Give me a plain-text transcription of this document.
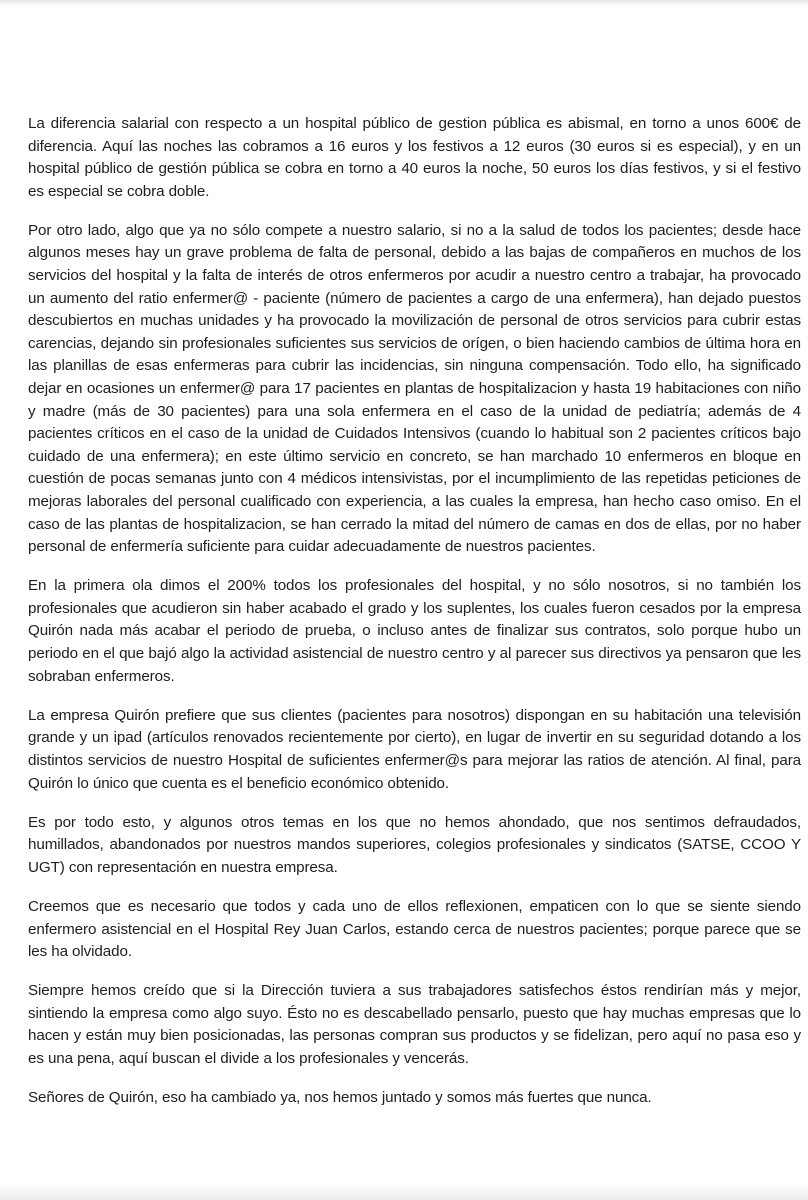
La diferencia salarial con respecto a un hospital público de gestion pública es abismal, en torno a unos 600€ de diferencia. Aquí las noches las cobramos a 16 euros y los festivos a 12 euros (30 euros si es especial), y en un hospital público de gestión pública se cobra en torno a 40 euros la noche, 50 euros los días festivos, y si el festivo es especial se cobra doble.

Por otro lado, algo que ya no sólo compete a nuestro salario, si no a la salud de todos los pacientes; desde hace algunos meses hay un grave problema de falta de personal, debido a las bajas de compañeros en muchos de los servicios del hospital y la falta de interés de otros enfermeros por acudir a nuestro centro a trabajar, ha provocado un aumento del ratio enfermer@ - paciente (número de pacientes a cargo de una enfermera), han dejado puestos descubiertos en muchas unidades y ha provocado la movilización de personal de otros servicios para cubrir estas carencias, dejando sin profesionales suficientes sus servicios de orígen, o bien haciendo cambios de última hora en las planillas de esas enfermeras para cubrir las incidencias, sin ninguna compensación. Todo ello, ha significado dejar en ocasiones un enfermer@ para 17 pacientes en plantas de hospitalizacion y hasta 19 habitaciones con niño y madre (más de 30 pacientes) para una sola enfermera en el caso de la unidad de pediatría; además de 4 pacientes críticos en el caso de la unidad de Cuidados Intensivos (cuando lo habitual son 2 pacientes críticos bajo cuidado de una enfermera); en este último servicio en concreto, se han marchado 10 enfermeros en bloque en cuestión de pocas semanas junto con 4 médicos intensivistas, por el incumplimiento de las repetidas peticiones de mejoras laborales del personal cualificado con experiencia, a las cuales la empresa, han hecho caso omiso. En el caso de las plantas de hospitalizacion, se han cerrado la mitad del número de camas en dos de ellas, por no haber personal de enfermería suficiente para cuidar adecuadamente de nuestros pacientes.

En la primera ola dimos el 200% todos los profesionales del hospital, y no sólo nosotros, si no también los profesionales que acudieron sin haber acabado el grado y los suplentes, los cuales fueron cesados por la empresa Quirón nada más acabar el periodo de prueba, o incluso antes de finalizar sus contratos, solo porque hubo un periodo en el que bajó algo la actividad asistencial de nuestro centro y al parecer sus directivos ya pensaron que les sobraban enfermeros.

La empresa Quirón prefiere que sus clientes (pacientes para nosotros) dispongan en su habitación una televisión grande y un ipad (artículos renovados recientemente por cierto), en lugar de invertir en su seguridad dotando a los distintos servicios de nuestro Hospital de suficientes enfermer@s para mejorar las ratios de atención. Al final, para Quirón lo único que cuenta es el beneficio económico obtenido.

Es por todo esto, y algunos otros temas en los que no hemos ahondado, que nos sentimos defraudados, humillados, abandonados por nuestros mandos superiores, colegios profesionales y sindicatos (SATSE, CCOO Y UGT) con representación en nuestra empresa.

Creemos que es necesario que todos y cada uno de ellos reflexionen, empaticen con lo que se siente siendo enfermero asistencial en el Hospital Rey Juan Carlos, estando cerca de nuestros pacientes; porque parece que se les ha olvidado.

Siempre hemos creído que si la Dirección tuviera a sus trabajadores satisfechos éstos rendirían más y mejor, sintiendo la empresa como algo suyo. Ésto no es descabellado pensarlo, puesto que hay muchas empresas que lo hacen y están muy bien posicionadas, las personas compran sus productos y se fidelizan, pero aquí no pasa eso y es una pena, aquí buscan el divide a los profesionales y vencerás.

Señores de Quirón, eso ha cambiado ya, nos hemos juntado y somos más fuertes que nunca.
